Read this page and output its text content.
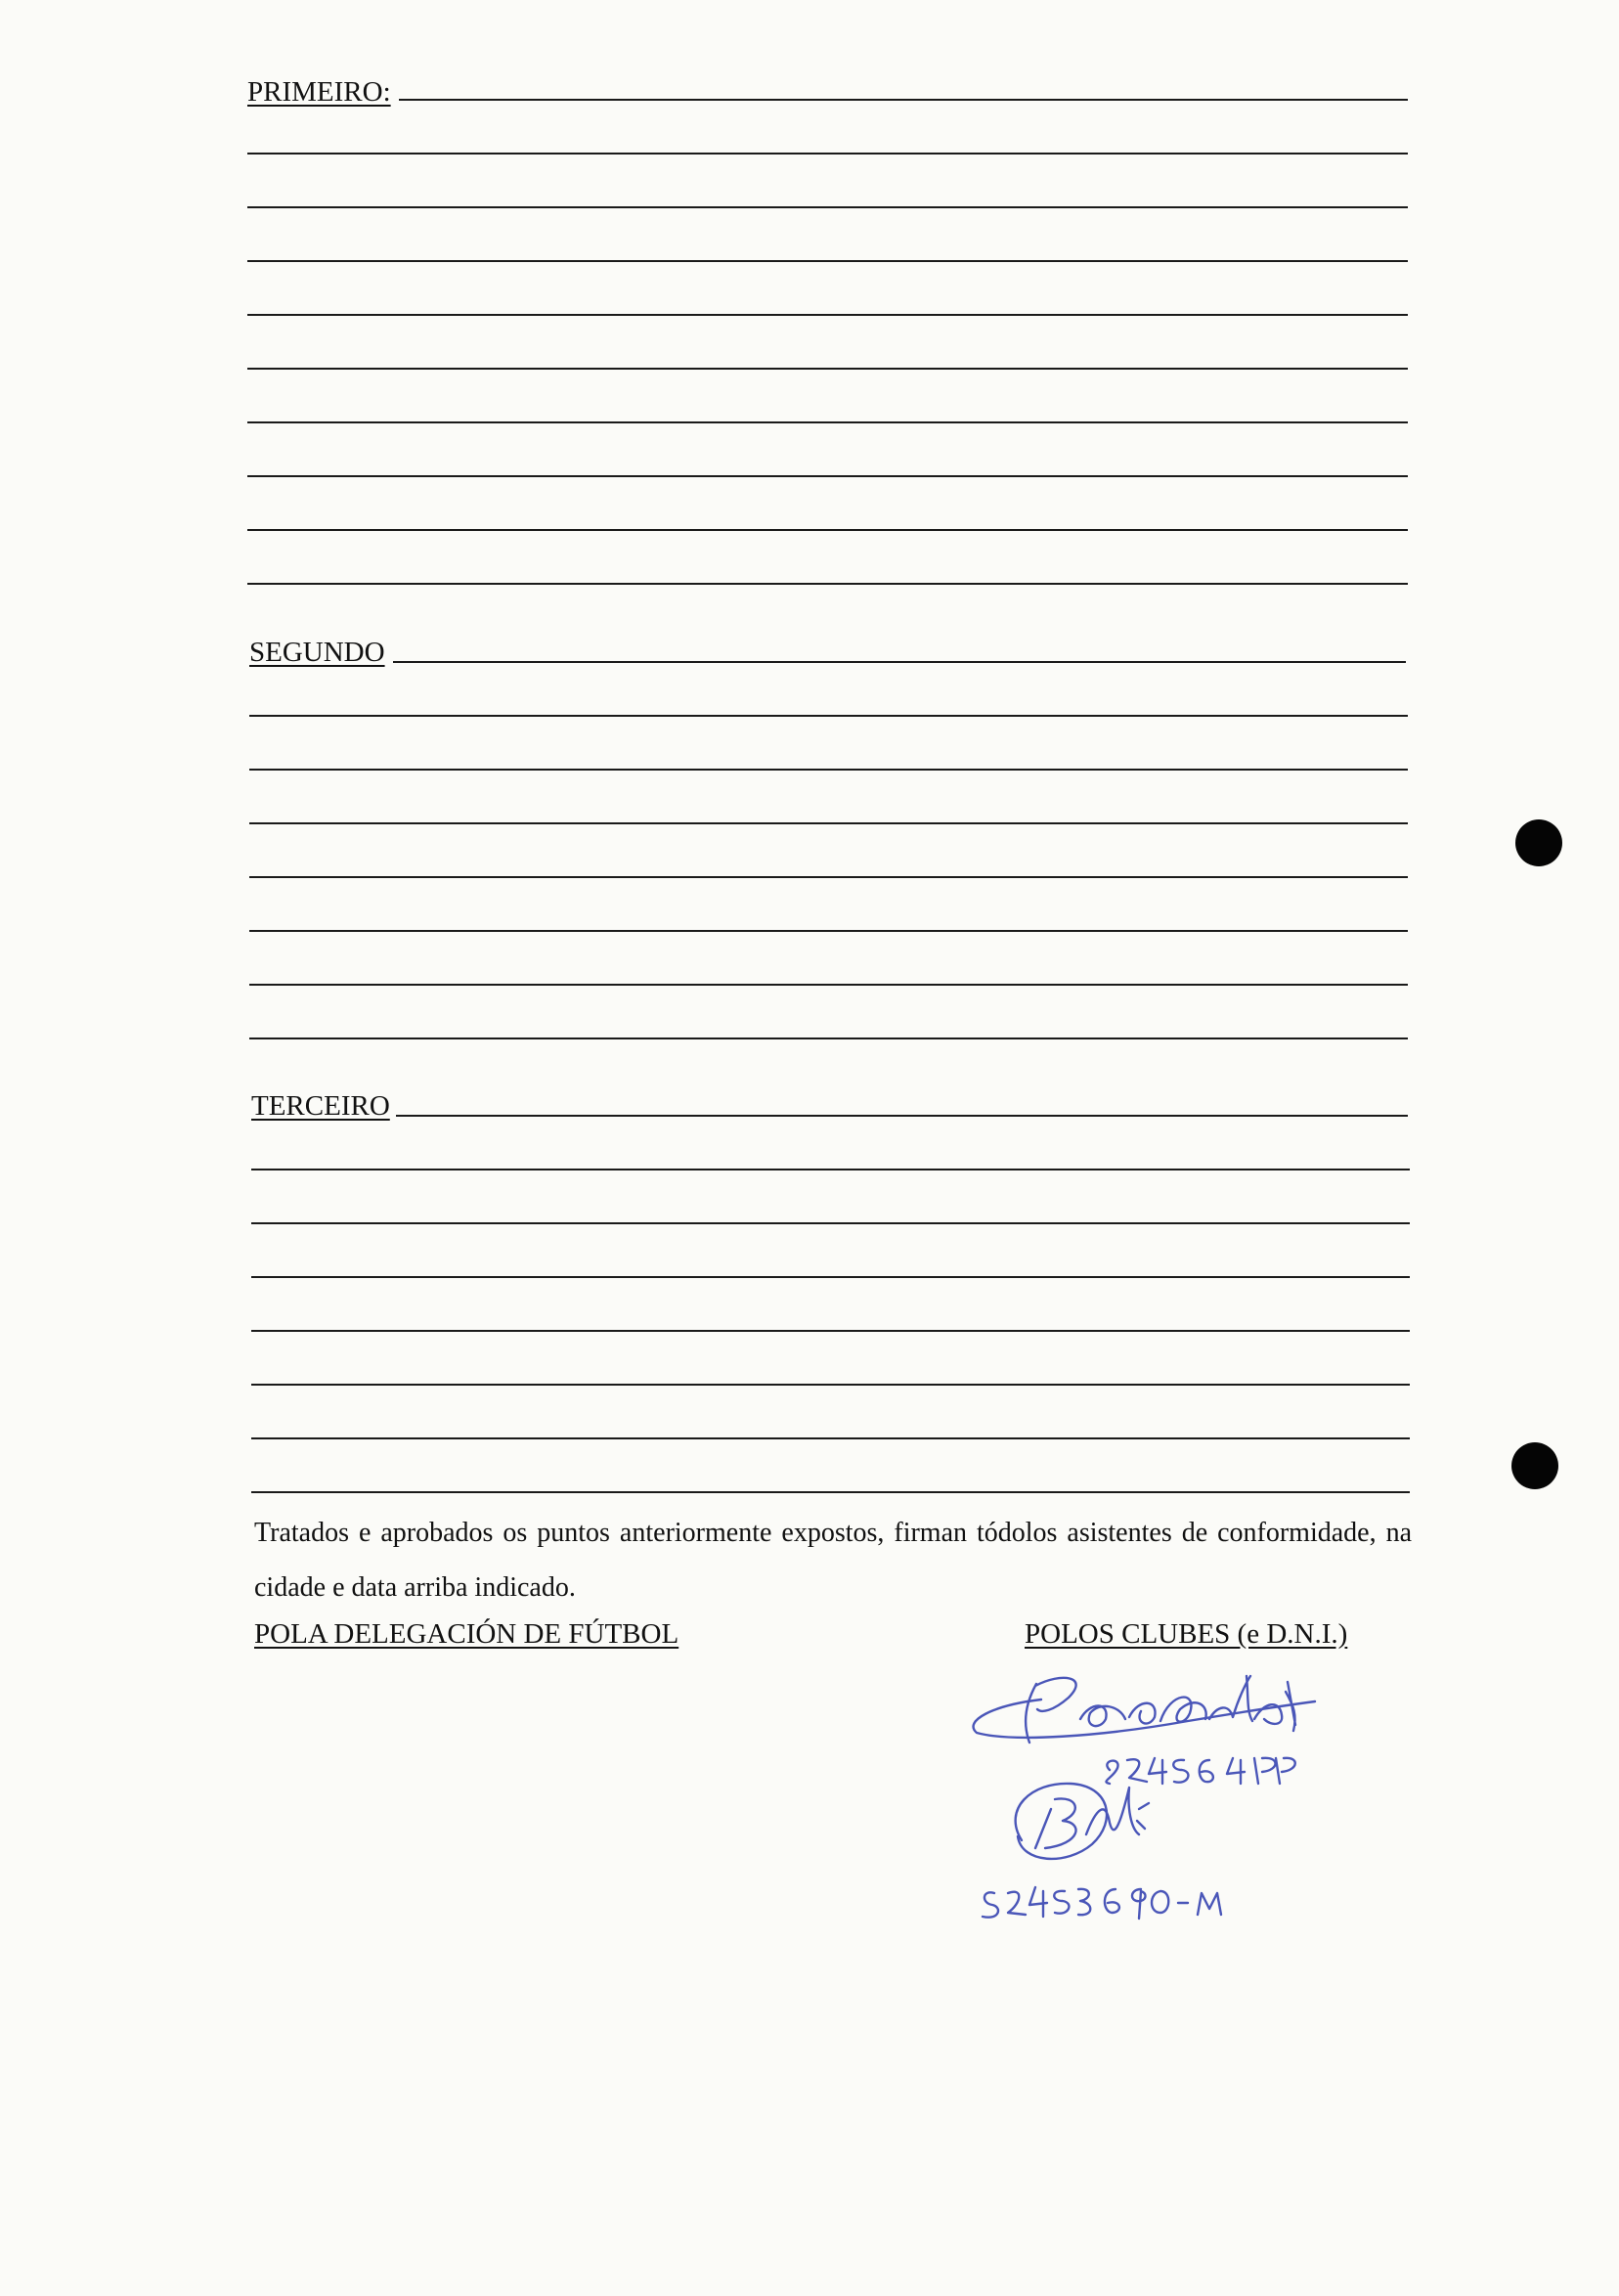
PRIMEIRO:
SEGUNDO
TERCEIRO

Tratados e aprobados os puntos anteriormente expostos, firman tódolos asistentes de conformidade, na cidade e data arriba indicado.

POLA DELEGACIÓN DE FÚTBOL	POLOS CLUBES (e D.N.I.)
